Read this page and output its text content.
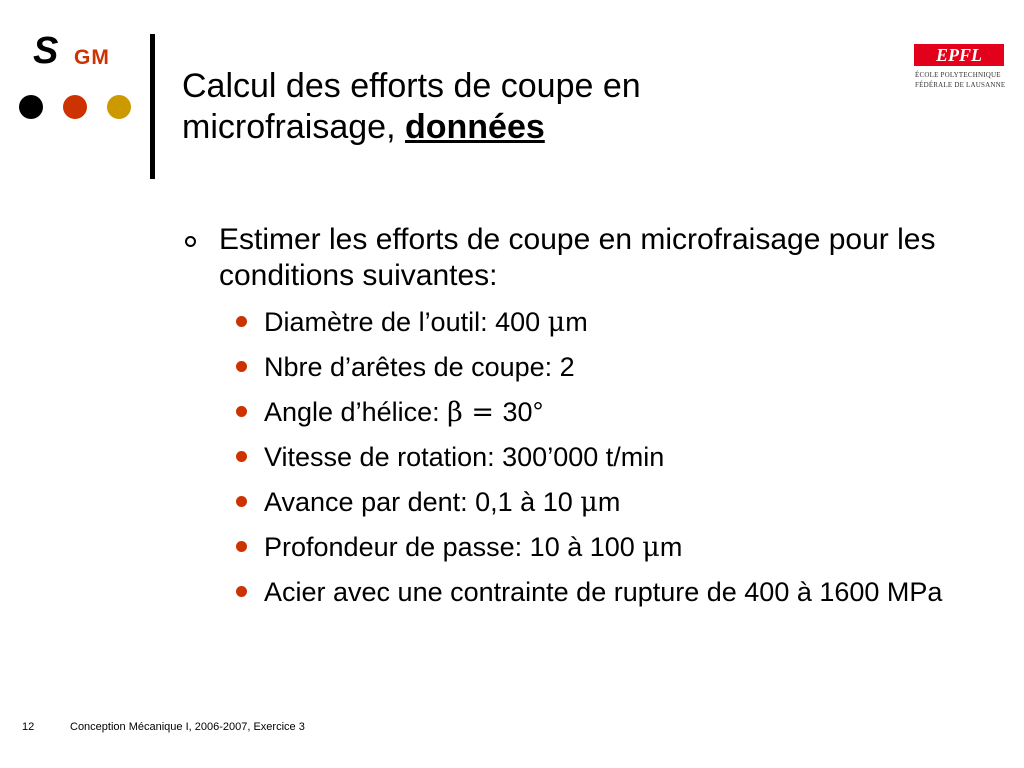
S GM
Calcul des efforts de coupe en
microfraisage, données
EPFL
ÉCOLE POLYTECHNIQUE
FÉDÉRALE DE LAUSANNE
Estimer les efforts de coupe en microfraisage pour les conditions suivantes:
Diamètre de l’outil: 400 μm
Nbre d’arêtes de coupe: 2
Angle d’hélice: β = 30°
Vitesse de rotation: 300’000 t/min
Avance par dent: 0,1 à 10 μm
Profondeur de passe: 10 à 100 μm
Acier avec une contrainte de rupture de 400 à 1600 MPa
12	Conception Mécanique I, 2006-2007, Exercice 3
